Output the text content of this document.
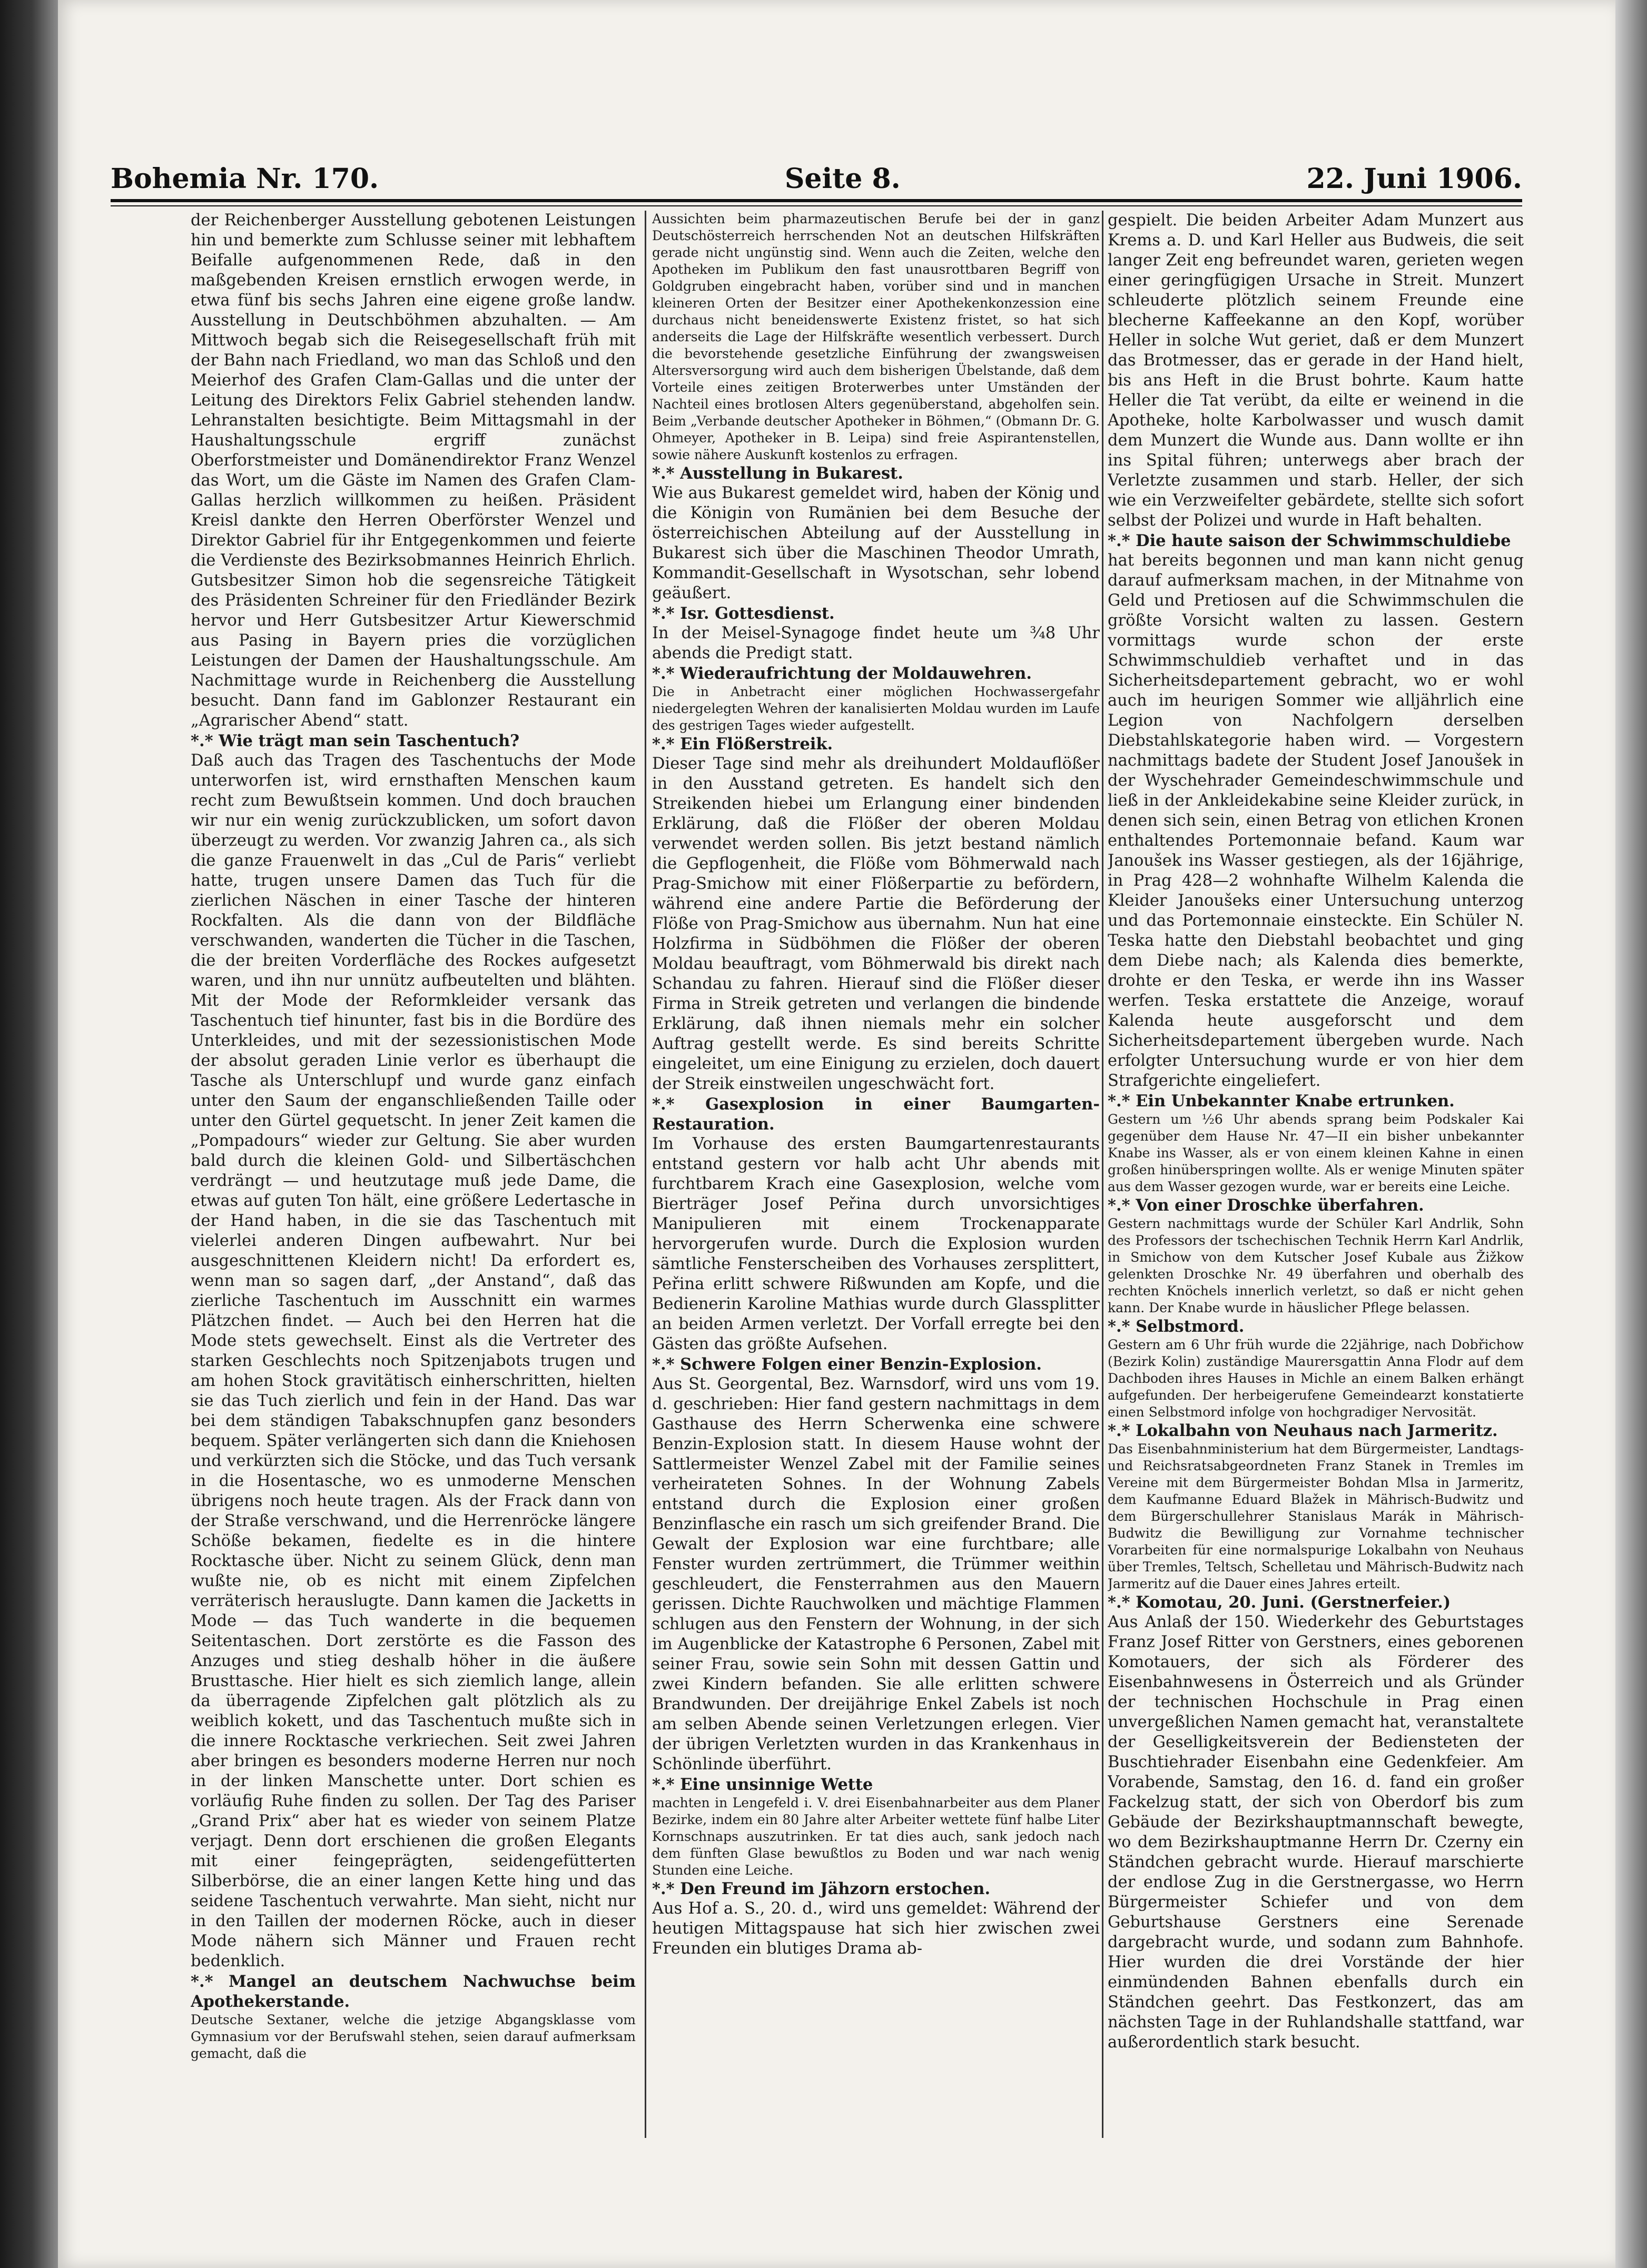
Bohemia Nr. 170.	Seite 8.	22. Juni 1906.

der Reichenberger Ausstellung gebotenen Leistungen hin und bemerkte zum Schlusse seiner mit lebhaftem Beifalle aufgenommenen Rede, daß in den maßgebenden Kreisen ernstlich erwogen werde, in etwa fünf bis sechs Jahren eine eigene große landw. Ausstellung in Deutschböhmen abzuhalten. — Am Mittwoch begab sich die Reisegesellschaft früh mit der Bahn nach Friedland, wo man das Schloß und den Meierhof des Grafen Clam-Gallas und die unter der Leitung des Direktors Felix Gabriel stehenden landw. Lehranstalten besichtigte. Beim Mittagsmahl in der Haushaltungsschule ergriff zunächst Oberforstmeister und Domänendirektor Franz Wenzel das Wort, um die Gäste im Namen des Grafen Clam-Gallas herzlich willkommen zu heißen. Präsident Kreisl dankte den Herren Oberförster Wenzel und Direktor Gabriel für ihr Entgegenkommen und feierte die Verdienste des Bezirksobmannes Heinrich Ehrlich. Gutsbesitzer Simon hob die segensreiche Tätigkeit des Präsidenten Schreiner für den Friedländer Bezirk hervor und Herr Gutsbesitzer Artur Kiewerschmid aus Pasing in Bayern pries die vorzüglichen Leistungen der Damen der Haushaltungsschule. Am Nachmittage wurde in Reichenberg die Ausstellung besucht. Dann fand im Gablonzer Restaurant ein „Agrarischer Abend“ statt.

*.* Wie trägt man sein Taschentuch?

Daß auch das Tragen des Taschentuchs der Mode unterworfen ist, wird ernsthaften Menschen kaum recht zum Bewußtsein kommen. Und doch brauchen wir nur ein wenig zurückzublicken, um sofort davon überzeugt zu werden. Vor zwanzig Jahren ca., als sich die ganze Frauenwelt in das „Cul de Paris“ verliebt hatte, trugen unsere Damen das Tuch für die zierlichen Näschen in einer Tasche der hinteren Rockfalten. Als die dann von der Bildfläche verschwanden, wanderten die Tücher in die Taschen, die der breiten Vorderfläche des Rockes aufgesetzt waren, und ihn nur unnütz aufbeutelten und blähten. Mit der Mode der Reformkleider versank das Taschentuch tief hinunter, fast bis in die Bordüre des Unterkleides, und mit der sezessionistischen Mode der absolut geraden Linie verlor es überhaupt die Tasche als Unterschlupf und wurde ganz einfach unter den Saum der enganschließenden Taille oder unter den Gürtel gequetscht. In jener Zeit kamen die „Pompadours“ wieder zur Geltung. Sie aber wurden bald durch die kleinen Gold- und Silbertäschchen verdrängt — und heutzutage muß jede Dame, die etwas auf guten Ton hält, eine größere Ledertasche in der Hand haben, in die sie das Taschentuch mit vielerlei anderen Dingen aufbewahrt. Nur bei ausgeschnittenen Kleidern nicht! Da erfordert es, wenn man so sagen darf, „der Anstand“, daß das zierliche Taschentuch im Ausschnitt ein warmes Plätzchen findet. — Auch bei den Herren hat die Mode stets gewechselt. Einst als die Vertreter des starken Geschlechts noch Spitzenjabots trugen und am hohen Stock gravitätisch einherschritten, hielten sie das Tuch zierlich und fein in der Hand. Das war bei dem ständigen Tabakschnupfen ganz besonders bequem. Später verlängerten sich dann die Kniehosen und verkürzten sich die Stöcke, und das Tuch versank in die Hosentasche, wo es unmoderne Menschen übrigens noch heute tragen. Als der Frack dann von der Straße verschwand, und die Herrenröcke längere Schöße bekamen, fiedelte es in die hintere Rocktasche über. Nicht zu seinem Glück, denn man wußte nie, ob es nicht mit einem Zipfelchen verräterisch herauslugte. Dann kamen die Jacketts in Mode — das Tuch wanderte in die bequemen Seitentaschen. Dort zerstörte es die Fasson des Anzuges und stieg deshalb höher in die äußere Brusttasche. Hier hielt es sich ziemlich lange, allein da überragende Zipfelchen galt plötzlich als zu weiblich kokett, und das Taschentuch mußte sich in die innere Rocktasche verkriechen. Seit zwei Jahren aber bringen es besonders moderne Herren nur noch in der linken Manschette unter. Dort schien es vorläufig Ruhe finden zu sollen. Der Tag des Pariser „Grand Prix“ aber hat es wieder von seinem Platze verjagt. Denn dort erschienen die großen Elegants mit einer feingeprägten, seidengefütterten Silberbörse, die an einer langen Kette hing und das seidene Taschentuch verwahrte. Man sieht, nicht nur in den Taillen der modernen Röcke, auch in dieser Mode nähern sich Männer und Frauen recht bedenklich.

*.* Mangel an deutschem Nachwuchse beim Apothekerstande.

Deutsche Sextaner, welche die jetzige Abgangsklasse vom Gymnasium vor der Berufswahl stehen, seien darauf aufmerksam gemacht, daß die

Aussichten beim pharmazeutischen Berufe bei der in ganz Deutschösterreich herrschenden Not an deutschen Hilfskräften gerade nicht ungünstig sind. Wenn auch die Zeiten, welche den Apotheken im Publikum den fast unausrottbaren Begriff von Goldgruben eingebracht haben, vorüber sind und in manchen kleineren Orten der Besitzer einer Apothekenkonzession eine durchaus nicht beneidenswerte Existenz fristet, so hat sich anderseits die Lage der Hilfskräfte wesentlich verbessert. Durch die bevorstehende gesetzliche Einführung der zwangsweisen Altersversorgung wird auch dem bisherigen Übelstande, daß dem Vorteile eines zeitigen Broterwerbes unter Umständen der Nachteil eines brotlosen Alters gegenüberstand, abgeholfen sein. Beim „Verbande deutscher Apotheker in Böhmen,“ (Obmann Dr. G. Ohmeyer, Apotheker in B. Leipa) sind freie Aspirantenstellen, sowie nähere Auskunft kostenlos zu erfragen.

*.* Ausstellung in Bukarest.

Wie aus Bukarest gemeldet wird, haben der König und die Königin von Rumänien bei dem Besuche der österreichischen Abteilung auf der Ausstellung in Bukarest sich über die Maschinen Theodor Umrath, Kommandit-Gesellschaft in Wysotschan, sehr lobend geäußert.

*.* Isr. Gottesdienst.

In der Meisel-Synagoge findet heute um ¾8 Uhr abends die Predigt statt.

*.* Wiederaufrichtung der Moldauwehren.

Die in Anbetracht einer möglichen Hochwassergefahr niedergelegten Wehren der kanalisierten Moldau wurden im Laufe des gestrigen Tages wieder aufgestellt.

*.* Ein Flößerstreik.

Dieser Tage sind mehr als dreihundert Moldauflößer in den Ausstand getreten. Es handelt sich den Streikenden hiebei um Erlangung einer bindenden Erklärung, daß die Flößer der oberen Moldau verwendet werden sollen. Bis jetzt bestand nämlich die Gepflogenheit, die Flöße vom Böhmerwald nach Prag-Smichow mit einer Flößerpartie zu befördern, während eine andere Partie die Beförderung der Flöße von Prag-Smichow aus übernahm. Nun hat eine Holzfirma in Südböhmen die Flößer der oberen Moldau beauftragt, vom Böhmerwald bis direkt nach Schandau zu fahren. Hierauf sind die Flößer dieser Firma in Streik getreten und verlangen die bindende Erklärung, daß ihnen niemals mehr ein solcher Auftrag gestellt werde. Es sind bereits Schritte eingeleitet, um eine Einigung zu erzielen, doch dauert der Streik einstweilen ungeschwächt fort.

*.* Gasexplosion in einer Baumgarten-Restauration.

Im Vorhause des ersten Baumgartenrestaurants entstand gestern vor halb acht Uhr abends mit furchtbarem Krach eine Gasexplosion, welche vom Bierträger Josef Peřina durch unvorsichtiges Manipulieren mit einem Trockenapparate hervorgerufen wurde. Durch die Explosion wurden sämtliche Fensterscheiben des Vorhauses zersplittert, Peřina erlitt schwere Rißwunden am Kopfe, und die Bedienerin Karoline Mathias wurde durch Glassplitter an beiden Armen verletzt. Der Vorfall erregte bei den Gästen das größte Aufsehen.

*.* Schwere Folgen einer Benzin-Explosion.

Aus St. Georgental, Bez. Warnsdorf, wird uns vom 19. d. geschrieben: Hier fand gestern nachmittags in dem Gasthause des Herrn Scherwenka eine schwere Benzin-Explosion statt. In diesem Hause wohnt der Sattlermeister Wenzel Zabel mit der Familie seines verheirateten Sohnes. In der Wohnung Zabels entstand durch die Explosion einer großen Benzinflasche ein rasch um sich greifender Brand. Die Gewalt der Explosion war eine furchtbare; alle Fenster wurden zertrümmert, die Trümmer weithin geschleudert, die Fensterrahmen aus den Mauern gerissen. Dichte Rauchwolken und mächtige Flammen schlugen aus den Fenstern der Wohnung, in der sich im Augenblicke der Katastrophe 6 Personen, Zabel mit seiner Frau, sowie sein Sohn mit dessen Gattin und zwei Kindern befanden. Sie alle erlitten schwere Brandwunden. Der dreijährige Enkel Zabels ist noch am selben Abende seinen Verletzungen erlegen. Vier der übrigen Verletzten wurden in das Krankenhaus in Schönlinde überführt.

*.* Eine unsinnige Wette

machten in Lengefeld i. V. drei Eisenbahnarbeiter aus dem Planer Bezirke, indem ein 80 Jahre alter Arbeiter wettete fünf halbe Liter Kornschnaps auszutrinken. Er tat dies auch, sank jedoch nach dem fünften Glase bewußtlos zu Boden und war nach wenig Stunden eine Leiche.

*.* Den Freund im Jähzorn erstochen.

Aus Hof a. S., 20. d., wird uns gemeldet: Während der heutigen Mittagspause hat sich hier zwischen zwei Freunden ein blutiges Drama ab-

gespielt. Die beiden Arbeiter Adam Munzert aus Krems a. D. und Karl Heller aus Budweis, die seit langer Zeit eng befreundet waren, gerieten wegen einer geringfügigen Ursache in Streit. Munzert schleuderte plötzlich seinem Freunde eine blecherne Kaffeekanne an den Kopf, worüber Heller in solche Wut geriet, daß er dem Munzert das Brotmesser, das er gerade in der Hand hielt, bis ans Heft in die Brust bohrte. Kaum hatte Heller die Tat verübt, da eilte er weinend in die Apotheke, holte Karbolwasser und wusch damit dem Munzert die Wunde aus. Dann wollte er ihn ins Spital führen; unterwegs aber brach der Verletzte zusammen und starb. Heller, der sich wie ein Verzweifelter gebärdete, stellte sich sofort selbst der Polizei und wurde in Haft behalten.

*.* Die haute saison der Schwimmschuldiebe

hat bereits begonnen und man kann nicht genug darauf aufmerksam machen, in der Mitnahme von Geld und Pretiosen auf die Schwimmschulen die größte Vorsicht walten zu lassen. Gestern vormittags wurde schon der erste Schwimmschuldieb verhaftet und in das Sicherheitsdepartement gebracht, wo er wohl auch im heurigen Sommer wie alljährlich eine Legion von Nachfolgern derselben Diebstahlskategorie haben wird. — Vorgestern nachmittags badete der Student Josef Janoušek in der Wyschehrader Gemeindeschwimmschule und ließ in der Ankleidekabine seine Kleider zurück, in denen sich sein, einen Betrag von etlichen Kronen enthaltendes Portemonnaie befand. Kaum war Janoušek ins Wasser gestiegen, als der 16jährige, in Prag 428—2 wohnhafte Wilhelm Kalenda die Kleider Janoušeks einer Untersuchung unterzog und das Portemonnaie einsteckte. Ein Schüler N. Teska hatte den Diebstahl beobachtet und ging dem Diebe nach; als Kalenda dies bemerkte, drohte er den Teska, er werde ihn ins Wasser werfen. Teska erstattete die Anzeige, worauf Kalenda heute ausgeforscht und dem Sicherheitsdepartement übergeben wurde. Nach erfolgter Untersuchung wurde er von hier dem Strafgerichte eingeliefert.

*.* Ein Unbekannter Knabe ertrunken.

Gestern um ½6 Uhr abends sprang beim Podskaler Kai gegenüber dem Hause Nr. 47—II ein bisher unbekannter Knabe ins Wasser, als er von einem kleinen Kahne in einen großen hinüberspringen wollte. Als er wenige Minuten später aus dem Wasser gezogen wurde, war er bereits eine Leiche.

*.* Von einer Droschke überfahren.

Gestern nachmittags wurde der Schüler Karl Andrlik, Sohn des Professors der tschechischen Technik Herrn Karl Andrlik, in Smichow von dem Kutscher Josef Kubale aus Žižkow gelenkten Droschke Nr. 49 überfahren und oberhalb des rechten Knöchels innerlich verletzt, so daß er nicht gehen kann. Der Knabe wurde in häuslicher Pflege belassen.

*.* Selbstmord.

Gestern am 6 Uhr früh wurde die 22jährige, nach Dobřichow (Bezirk Kolin) zuständige Maurersgattin Anna Flodr auf dem Dachboden ihres Hauses in Michle an einem Balken erhängt aufgefunden. Der herbeigerufene Gemeindearzt konstatierte einen Selbstmord infolge von hochgradiger Nervosität.

*.* Lokalbahn von Neuhaus nach Jarmeritz.

Das Eisenbahnministerium hat dem Bürgermeister, Landtags- und Reichsratsabgeordneten Franz Stanek in Tremles im Vereine mit dem Bürgermeister Bohdan Mlsa in Jarmeritz, dem Kaufmanne Eduard Blažek in Mährisch-Budwitz und dem Bürgerschullehrer Stanislaus Marák in Mährisch-Budwitz die Bewilligung zur Vornahme technischer Vorarbeiten für eine normalspurige Lokalbahn von Neuhaus über Tremles, Teltsch, Schelletau und Mährisch-Budwitz nach Jarmeritz auf die Dauer eines Jahres erteilt.

*.* Komotau, 20. Juni. (Gerstnerfeier.)

Aus Anlaß der 150. Wiederkehr des Geburtstages Franz Josef Ritter von Gerstners, eines geborenen Komotauers, der sich als Förderer des Eisenbahnwesens in Österreich und als Gründer der technischen Hochschule in Prag einen unvergeßlichen Namen gemacht hat, veranstaltete der Geselligkeitsverein der Bediensteten der Buschtiehrader Eisenbahn eine Gedenkfeier. Am Vorabende, Samstag, den 16. d. fand ein großer Fackelzug statt, der sich von Oberdorf bis zum Gebäude der Bezirkshauptmannschaft bewegte, wo dem Bezirkshauptmanne Herrn Dr. Czerny ein Ständchen gebracht wurde. Hierauf marschierte der endlose Zug in die Gerstnergasse, wo Herrn Bürgermeister Schiefer und von dem Geburtshause Gerstners eine Serenade dargebracht wurde, und sodann zum Bahnhofe. Hier wurden die drei Vorstände der hier einmündenden Bahnen ebenfalls durch ein Ständchen geehrt. Das Festkonzert, das am nächsten Tage in der Ruhlandshalle stattfand, war außerordentlich stark besucht.
